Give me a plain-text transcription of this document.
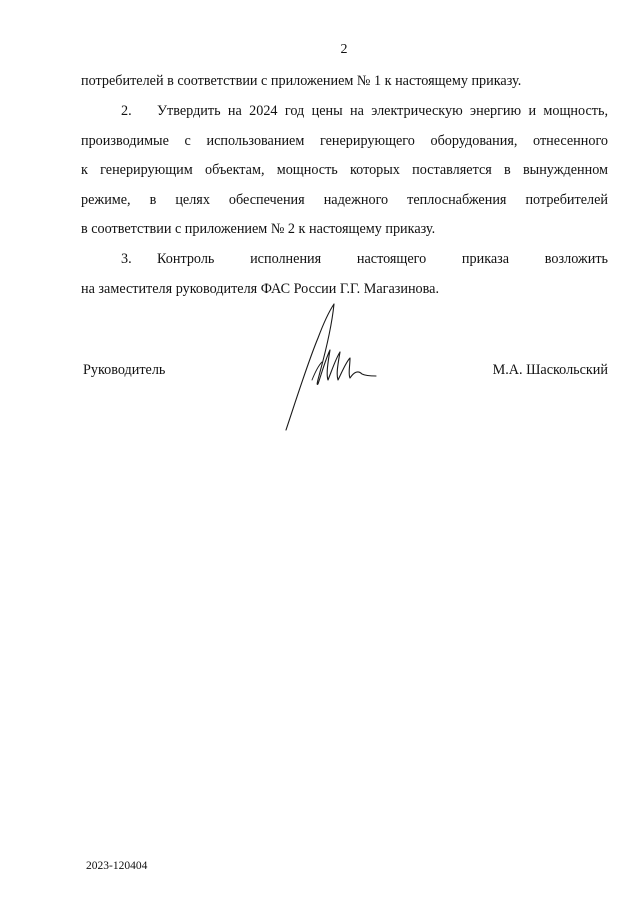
2
потребителей в соответствии с приложением № 1 к настоящему приказу.
2. Утвердить на 2024 год цены на электрическую энергию и мощность,
производимые с использованием генерирующего оборудования, отнесенного
к генерирующим объектам, мощность которых поставляется в вынужденном
режиме, в целях обеспечения надежного теплоснабжения потребителей
в соответствии с приложением № 2 к настоящему приказу.
3. Контроль исполнения настоящего приказа возложить
на заместителя руководителя ФАС России Г.Г. Магазинова.
Руководитель	М.А. Шаскольский
2023-120404
